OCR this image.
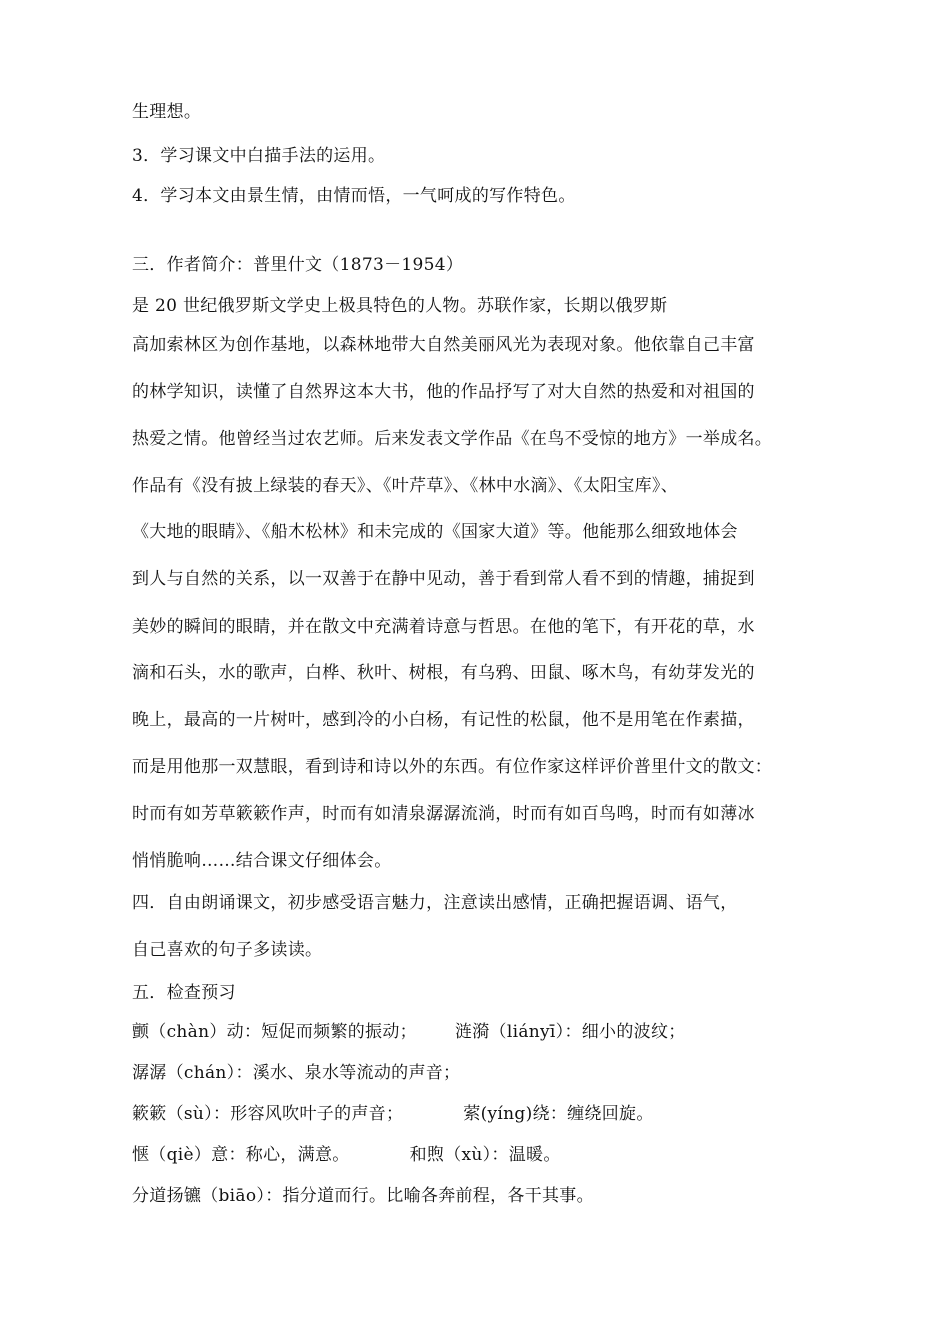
生理想。
3．学习课文中白描手法的运用。
4．学习本文由景生情，由情而悟，一气呵成的写作特色。
三．作者简介：普里什文（1873－1954）
是 20 世纪俄罗斯文学史上极具特色的人物。苏联作家，长期以俄罗斯
高加索林区为创作基地，以森林地带大自然美丽风光为表现对象。他依靠自己丰富
的林学知识，读懂了自然界这本大书，他的作品抒写了对大自然的热爱和对祖国的
热爱之情。他曾经当过农艺师。后来发表文学作品《在鸟不受惊的地方》一举成名。
作品有《没有披上绿装的春天》、《叶芹草》、《林中水滴》、《太阳宝库》、
《大地的眼睛》、《船木松林》和未完成的《国家大道》等。他能那么细致地体会
到人与自然的关系，以一双善于在静中见动，善于看到常人看不到的情趣，捕捉到
美妙的瞬间的眼睛，并在散文中充满着诗意与哲思。在他的笔下，有开花的草，水
滴和石头，水的歌声，白桦、秋叶、树根，有乌鸦、田鼠、啄木鸟，有幼芽发光的
晚上，最高的一片树叶，感到冷的小白杨，有记性的松鼠，他不是用笔在作素描，
而是用他那一双慧眼，看到诗和诗以外的东西。有位作家这样评价普里什文的散文：
时而有如芳草簌簌作声，时而有如清泉潺潺流淌，时而有如百鸟鸣，时而有如薄冰
悄悄脆响……结合课文仔细体会。
四．自由朗诵课文，初步感受语言魅力，注意读出感情，正确把握语调、语气，
自己喜欢的句子多读读。
五．检查预习
颤（chàn）动：短促而频繁的振动； 涟漪（liányī）：细小的波纹；
潺潺（chán）：溪水、泉水等流动的声音；
簌簌（sù）：形容风吹叶子的声音；	萦(yíng)绕：缠绕回旋。
惬（qiè）意：称心，满意。	和煦（xù）：温暖。
分道扬镳（biāo）：指分道而行。比喻各奔前程，各干其事。
